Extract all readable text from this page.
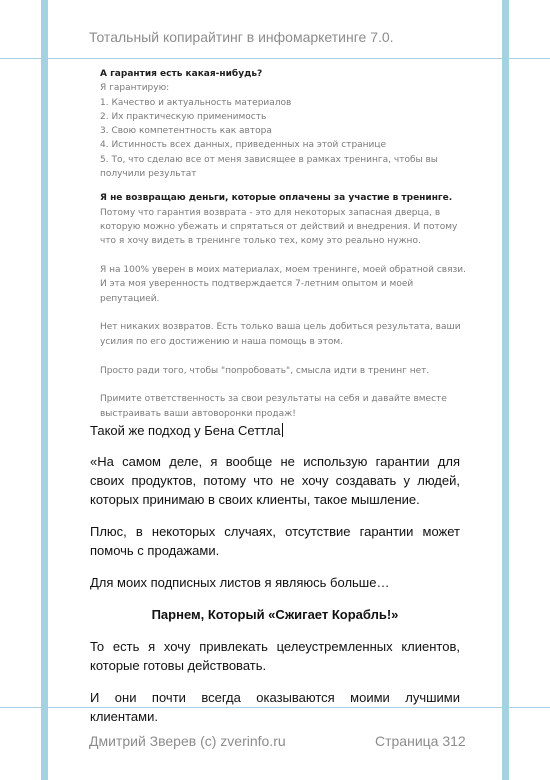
Тотальный копирайтинг в инфомаркетинге 7.0.
А гарантия есть какая-нибудь?
Я гарантирую:
1. Качество и актуальность материалов
2. Их практическую применимость
3. Свою компетентность как автора
4. Истинность всех данных, приведенных на этой странице
5. То, что сделаю все от меня зависящее в рамках тренинга, чтобы вы получили результат
Я не возвращаю деньги, которые оплачены за участие в тренинге.
Потому что гарантия возврата - это для некоторых запасная дверца, в которую можно убежать и спрятаться от действий и внедрения. И потому что я хочу видеть в тренинге только тех, кому это реально нужно.
Я на 100% уверен в моих материалах, моем тренинге, моей обратной связи.
И эта моя уверенность подтверждается 7-летним опытом и моей репутацией.
Нет никаких возвратов. Есть только ваша цель добиться результата, ваши усилия по его достижению и наша помощь в этом.
Просто ради того, чтобы "попробовать", смысла идти в тренинг нет.
Примите ответственность за свои результаты на себя и давайте вместе выстраивать ваши автоворонки продаж!

Такой же подход у Бена Сеттла

«На самом деле, я вообще не использую гарантии для своих продуктов, потому что не хочу создавать у людей, которых принимаю в своих клиенты, такое мышление.

Плюс, в некоторых случаях, отсутствие гарантии может помочь с продажами.

Для моих подписных листов я являюсь больше…

Парнем, Который «Сжигает Корабль!»

То есть я хочу привлекать целеустремленных клиентов, которые готовы действовать.

И они почти всегда оказываются моими лучшими клиентами.

Дмитрий Зверев (с) zverinfo.ru	Страница 312
